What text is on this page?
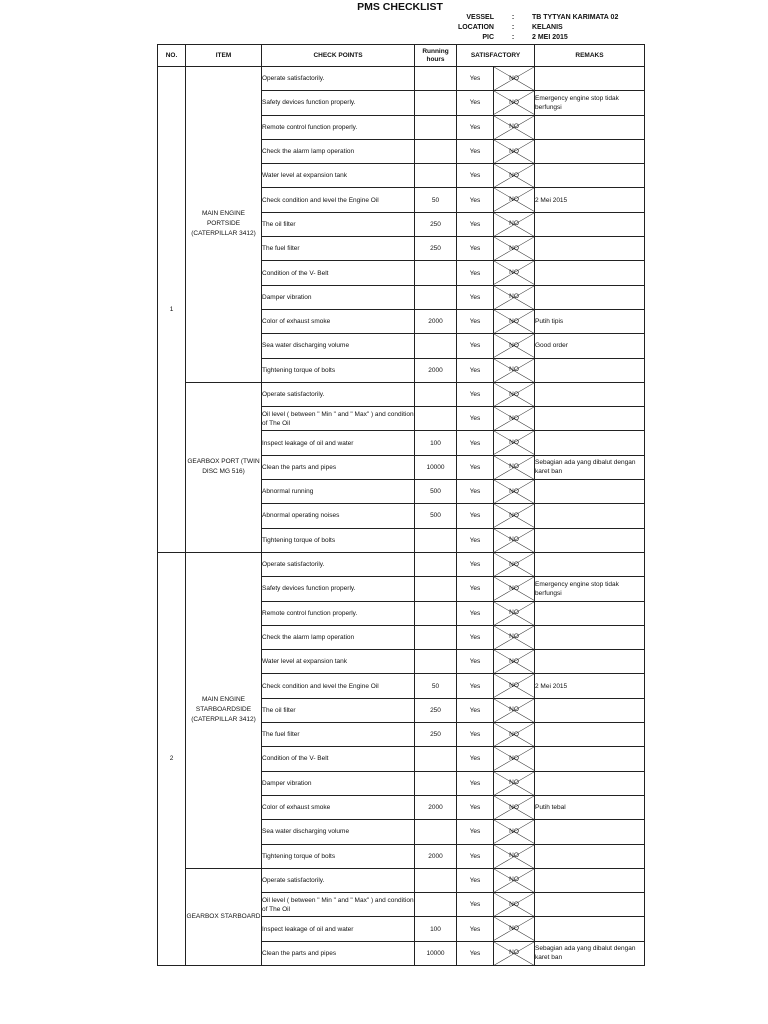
PMS CHECKLIST
VESSEL	:	TB TYTYAN KARIMATA 02
LOCATION	:	KELANIS
PIC	:	2 MEI 2015
NO.	ITEM	CHECK POINTS	Running hours	SATISFACTORY		REMAKS
1	MAIN ENGINE PORTSIDE (CATERPILLAR 3412)	Operate satisfactorily.		Yes	NO	

		Safety devices function properly.		Yes	NO	Emergency engine stop tidak berfungsi
		Remote control function properly.		Yes	NO	

		Check the alarm lamp operation		Yes	NO	

		Water level at expansion tank		Yes	NO	

		Check condition and level the Engine Oil	50	Yes	NO	2 Mei 2015
		The oil filter	250	Yes	NO	

		The fuel filter	250	Yes	NO	

		Condition of the V- Belt		Yes	NO	

		Damper vibration		Yes	NO	

		Color of exhaust smoke	2000	Yes	NO	Putih tipis
		Sea water discharging volume		Yes	NO	Good order
		Tightening torque of bolts	2000	Yes	NO	

	GEARBOX PORT (TWIN DISC MG 516)	Operate satisfactorily.		Yes	NO	

		Oil level ( between " Min " and " Max" ) and condition of The Oil		Yes	NO	

		Inspect leakage of oil and water	100	Yes	NO	

		Clean the parts and pipes	10000	Yes	NO	Sebagian ada yang dibalut dengan karet ban
		Abnormal running	500	Yes	NO	

		Abnormal operating noises	500	Yes	NO	

		Tightening torque of bolts		Yes	NO	

2	MAIN ENGINE STARBOARDSIDE (CATERPILLAR 3412)	Operate satisfactorily.		Yes	NO	

		Safety devices function properly.		Yes	NO	Emergency engine stop tidak berfungsi
		Remote control function properly.		Yes	NO	

		Check the alarm lamp operation		Yes	NO	

		Water level at expansion tank		Yes	NO	

		Check condition and level the Engine Oil	50	Yes	NO	2 Mei 2015
		The oil filter	250	Yes	NO	

		The fuel filter	250	Yes	NO	

		Condition of the V- Belt		Yes	NO	

		Damper vibration		Yes	NO	

		Color of exhaust smoke	2000	Yes	NO	Putih tebal
		Sea water discharging volume		Yes	NO	

		Tightening torque of bolts	2000	Yes	NO	

	GEARBOX STARBOARD	Operate satisfactorily.		Yes	NO	

		Oil level ( between " Min " and " Max" ) and condition of The Oil		Yes	NO	

		Inspect leakage of oil and water	100	Yes	NO	

		Clean the parts and pipes	10000	Yes	NO	Sebagian ada yang dibalut dengan karet ban
